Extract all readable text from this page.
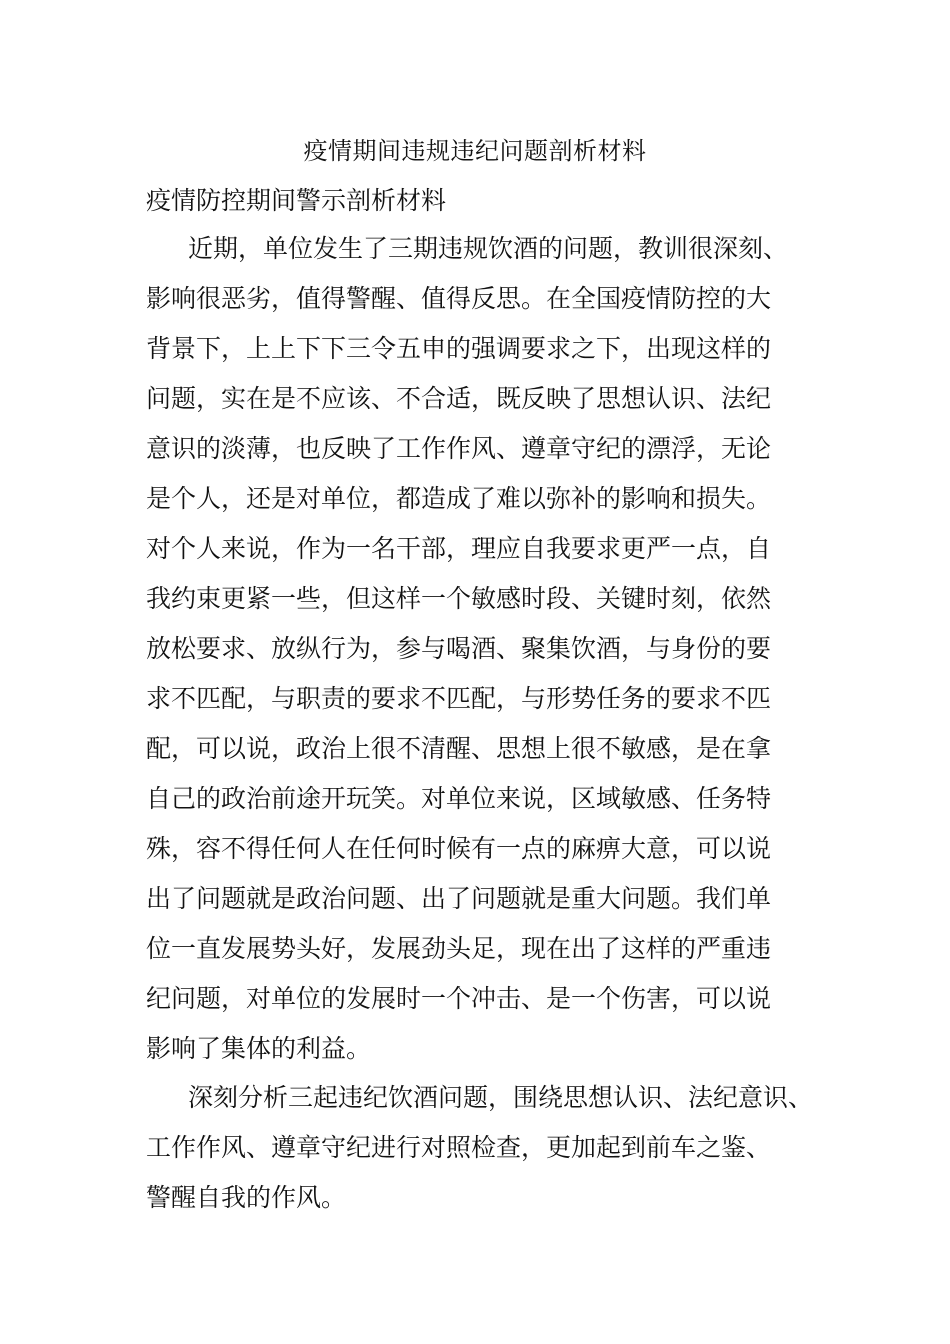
疫情期间违规违纪问题剖析材料
疫情防控期间警示剖析材料
近期，单位发生了三期违规饮酒的问题，教训很深刻、
影响很恶劣，值得警醒、值得反思。在全国疫情防控的大
背景下，上上下下三令五申的强调要求之下，出现这样的
问题，实在是不应该、不合适，既反映了思想认识、法纪
意识的淡薄，也反映了工作作风、遵章守纪的漂浮，无论
是个人，还是对单位，都造成了难以弥补的影响和损失。
对个人来说，作为一名干部，理应自我要求更严一点，自
我约束更紧一些，但这样一个敏感时段、关键时刻，依然
放松要求、放纵行为，参与喝酒、聚集饮酒，与身份的要
求不匹配，与职责的要求不匹配，与形势任务的要求不匹
配，可以说，政治上很不清醒、思想上很不敏感，是在拿
自己的政治前途开玩笑。对单位来说，区域敏感、任务特
殊，容不得任何人在任何时候有一点的麻痹大意，可以说
出了问题就是政治问题、出了问题就是重大问题。我们单
位一直发展势头好，发展劲头足，现在出了这样的严重违
纪问题，对单位的发展时一个冲击、是一个伤害，可以说
影响了集体的利益。
深刻分析三起违纪饮酒问题，围绕思想认识、法纪意识、
工作作风、遵章守纪进行对照检查，更加起到前车之鉴、
警醒自我的作风。
